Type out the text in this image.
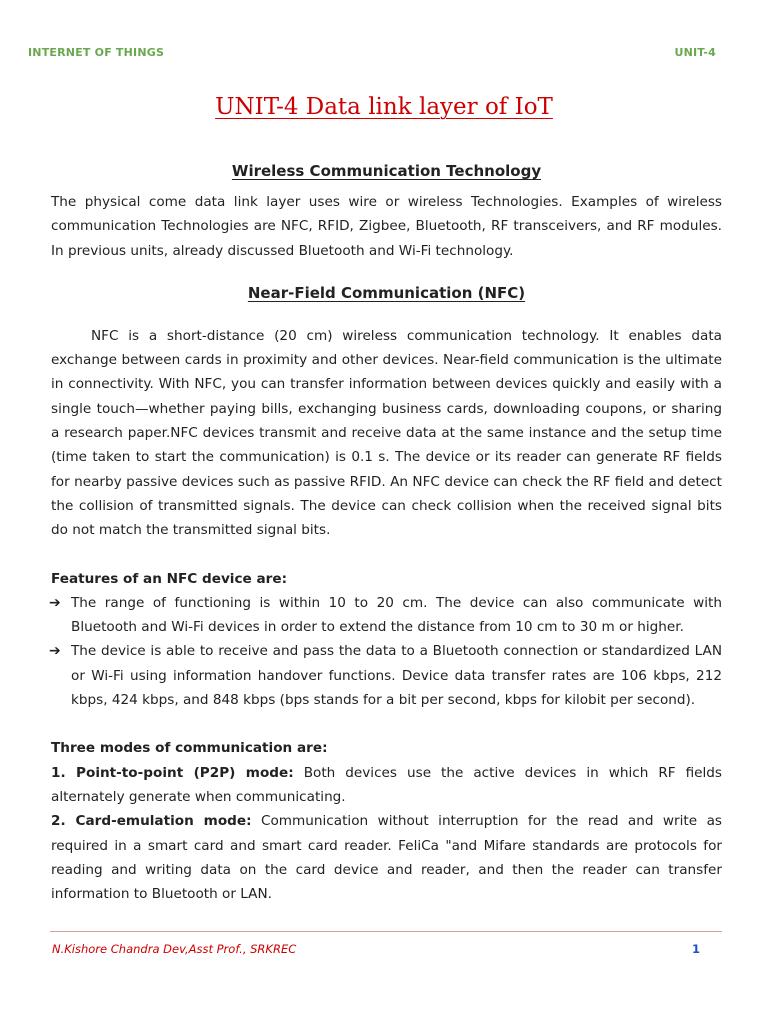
INTERNET OF THINGS	UNIT-4
UNIT-4 Data link layer of IoT
Wireless Communication Technology

The physical come data link layer uses wire or wireless Technologies. Examples of wireless communication Technologies are NFC, RFID, Zigbee, Bluetooth, RF transceivers, and RF modules. In previous units, already discussed Bluetooth and Wi-Fi technology.

Near-Field Communication (NFC)

NFC is a short-distance (20 cm) wireless communication technology. It enables data exchange between cards in proximity and other devices. Near-field communication is the ultimate in connectivity. With NFC, you can transfer information between devices quickly and easily with a single touch—whether paying bills, exchanging business cards, downloading coupons, or sharing a research paper.NFC devices transmit and receive data at the same instance and the setup time (time taken to start the communication) is 0.1 s. The device or its reader can generate RF fields for nearby passive devices such as passive RFID. An NFC device can check the RF field and detect the collision of transmitted signals. The device can check collision when the received signal bits do not match the transmitted signal bits.

Features of an NFC device are:

➔ The range of functioning is within 10 to 20 cm. The device can also communicate with Bluetooth and Wi-Fi devices in order to extend the distance from 10 cm to 30 m or higher.
➔ The device is able to receive and pass the data to a Bluetooth connection or standardized LAN or Wi-Fi using information handover functions. Device data transfer rates are 106 kbps, 212 kbps, 424 kbps, and 848 kbps (bps stands for a bit per second, kbps for kilobit per second).

Three modes of communication are:

1. Point-to-point (P2P) mode: Both devices use the active devices in which RF fields alternately generate when communicating.

2. Card-emulation mode: Communication without interruption for the read and write as required in a smart card and smart card reader. FeliCa "and Mifare standards are protocols for reading and writing data on the card device and reader, and then the reader can transfer information to Bluetooth or LAN.

N.Kishore Chandra Dev,Asst Prof., SRKREC	1
